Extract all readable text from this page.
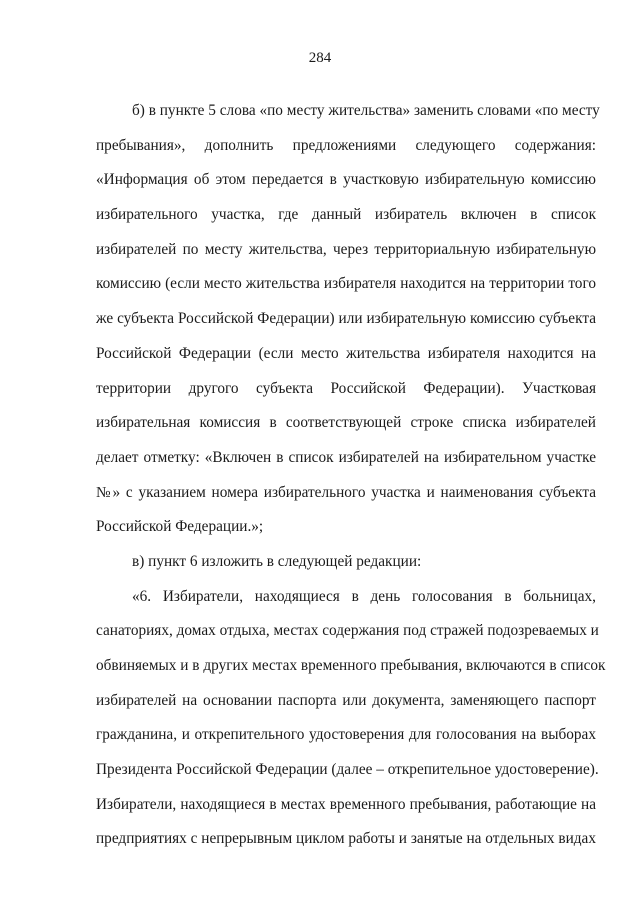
284
б) в пункте 5 слова «по месту жительства» заменить словами «по месту
пребывания», дополнить предложениями следующего содержания:
«Информация об этом передается в участковую избирательную комиссию
избирательного участка, где данный избиратель включен в список
избирателей по месту жительства, через территориальную избирательную
комиссию (если место жительства избирателя находится на территории того
же субъекта Российской Федерации) или избирательную комиссию субъекта
Российской Федерации (если место жительства избирателя находится на
территории другого субъекта Российской Федерации). Участковая
избирательная комиссия в соответствующей строке списка избирателей
делает отметку: «Включен в список избирателей на избирательном участке
№» с указанием номера избирательного участка и наименования субъекта
Российской Федерации.»;
в) пункт 6 изложить в следующей редакции:
«6. Избиратели, находящиеся в день голосования в больницах,
санаториях, домах отдыха, местах содержания под стражей подозреваемых и
обвиняемых и в других местах временного пребывания, включаются в список
избирателей на основании паспорта или документа, заменяющего паспорт
гражданина, и открепительного удостоверения для голосования на выборах
Президента Российской Федерации (далее – открепительное удостоверение).
Избиратели, находящиеся в местах временного пребывания, работающие на
предприятиях с непрерывным циклом работы и занятые на отдельных видах
